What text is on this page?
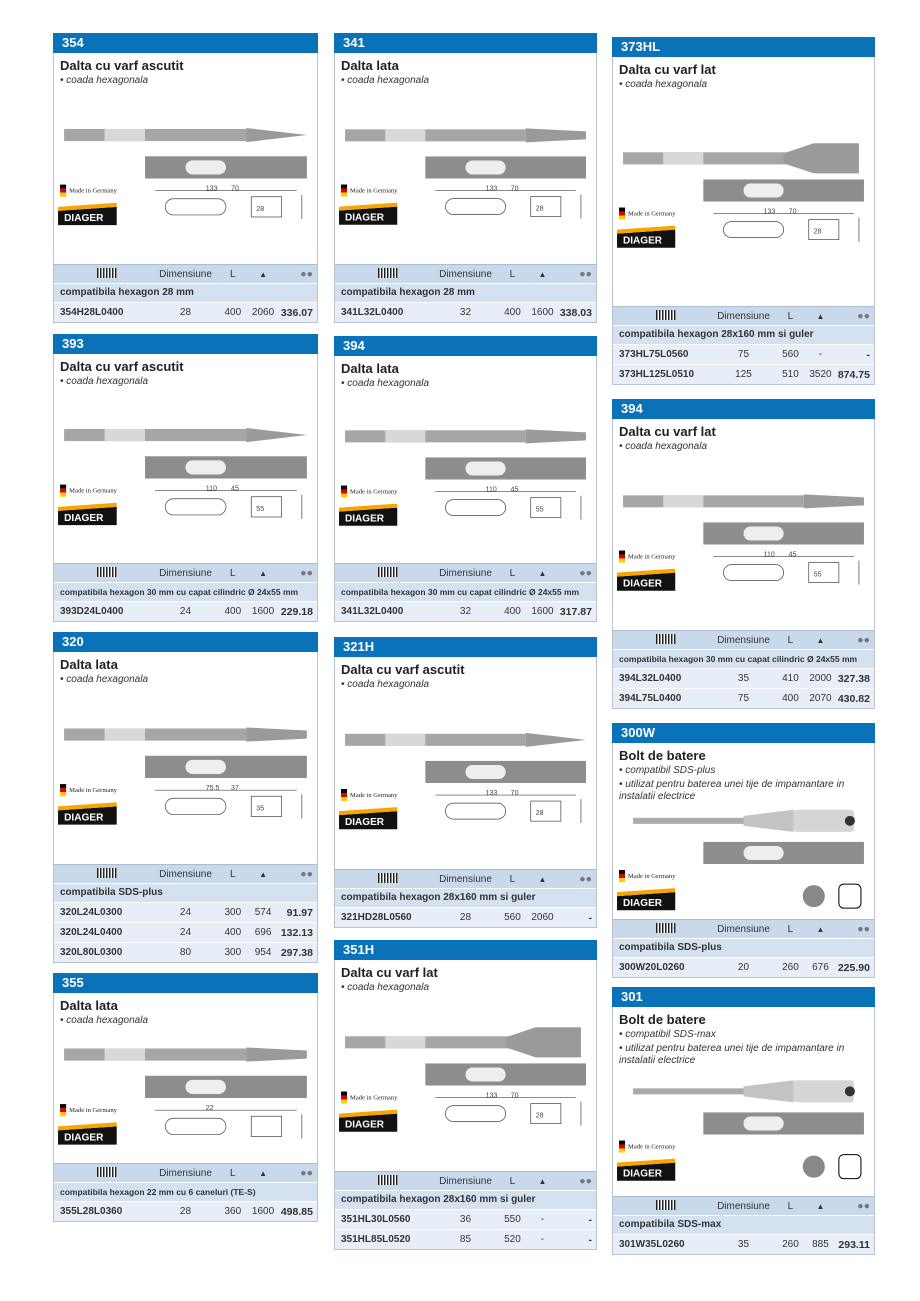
354
Dalta cu varf ascutit
• coada hexagonala
133 70
28
Made in Germany
DIAGER
Dimensiune	L	▲	●●
compatibila hexagon 28 mm
354H28L0400	28	400	2060 336.07
393
Dalta cu varf ascutit
• coada hexagonala
110 45
55
Made in Germany
DIAGER
Dimensiune	L	▲	●●
compatibila hexagon 30 mm cu capat cilindric Ø 24x55 mm
393D24L0400	24	400	1600 229.18
320
Dalta lata
• coada hexagonala
75.5 37
35
Made in Germany
DIAGER
Dimensiune	L	▲	●●
compatibila SDS-plus
320L24L0300	24	300	574	91.97
320L24L0400	24	400	696 132.13
320L80L0300	80	300	954 297.38
355
Dalta lata
• coada hexagonala
22
Made in Germany
DIAGER
Dimensiune	L	▲	●●
compatibila hexagon 22 mm cu 6 caneluri (TE-S)
355L28L0360	28	360	1600 498.85
341
Dalta lata
• coada hexagonala
133 70
28
Made in Germany
DIAGER
Dimensiune	L	▲	●●
compatibila hexagon 28 mm
341L32L0400	32	400	1600 338.03
394
Dalta lata
• coada hexagonala
110 45
55
Made in Germany
DIAGER
Dimensiune	L	▲	●●
compatibila hexagon 30 mm cu capat cilindric Ø 24x55 mm
341L32L0400	32	400	1600 317.87
321H
Dalta cu varf ascutit
• coada hexagonala
133 70
28
Made in Germany
DIAGER
Dimensiune	L	▲	●●
compatibila hexagon 28x160 mm si guler
321HD28L0560	28	560	2060	-
351H
Dalta cu varf lat
• coada hexagonala
133 70
28
Made in Germany
DIAGER
Dimensiune	L	▲	●●
compatibila hexagon 28x160 mm si guler
351HL30L0560	36	550	-	-
351HL85L0520	85	520	-	-
373HL
Dalta cu varf lat
• coada hexagonala
133 70
28
Made in Germany
DIAGER
Dimensiune	L	▲	●●
compatibila hexagon 28x160 mm si guler
373HL75L0560	75	560	-	-
373HL125L0510	125	510	3520 874.75
394
Dalta cu varf lat
• coada hexagonala
110 45
55
Made in Germany
DIAGER
Dimensiune	L	▲	●●
compatibila hexagon 30 mm cu capat cilindric Ø 24x55 mm
394L32L0400	35	410	2000 327.38
394L75L0400	75	400	2070 430.82
300W
Bolt de batere
• compatibil SDS-plus
• utilizat pentru baterea unei tije de impamantare in instalatii electrice
Made in Germany
DIAGER
Dimensiune	L	▲	●●
compatibila SDS-plus
300W20L0260	20	260	676 225.90
301
Bolt de batere
• compatibil SDS-max
• utilizat pentru baterea unei tije de impamantare in instalatii electrice
Made in Germany
DIAGER
Dimensiune	L	▲	●●
compatibila SDS-max
301W35L0260	35	260	885 293.11
